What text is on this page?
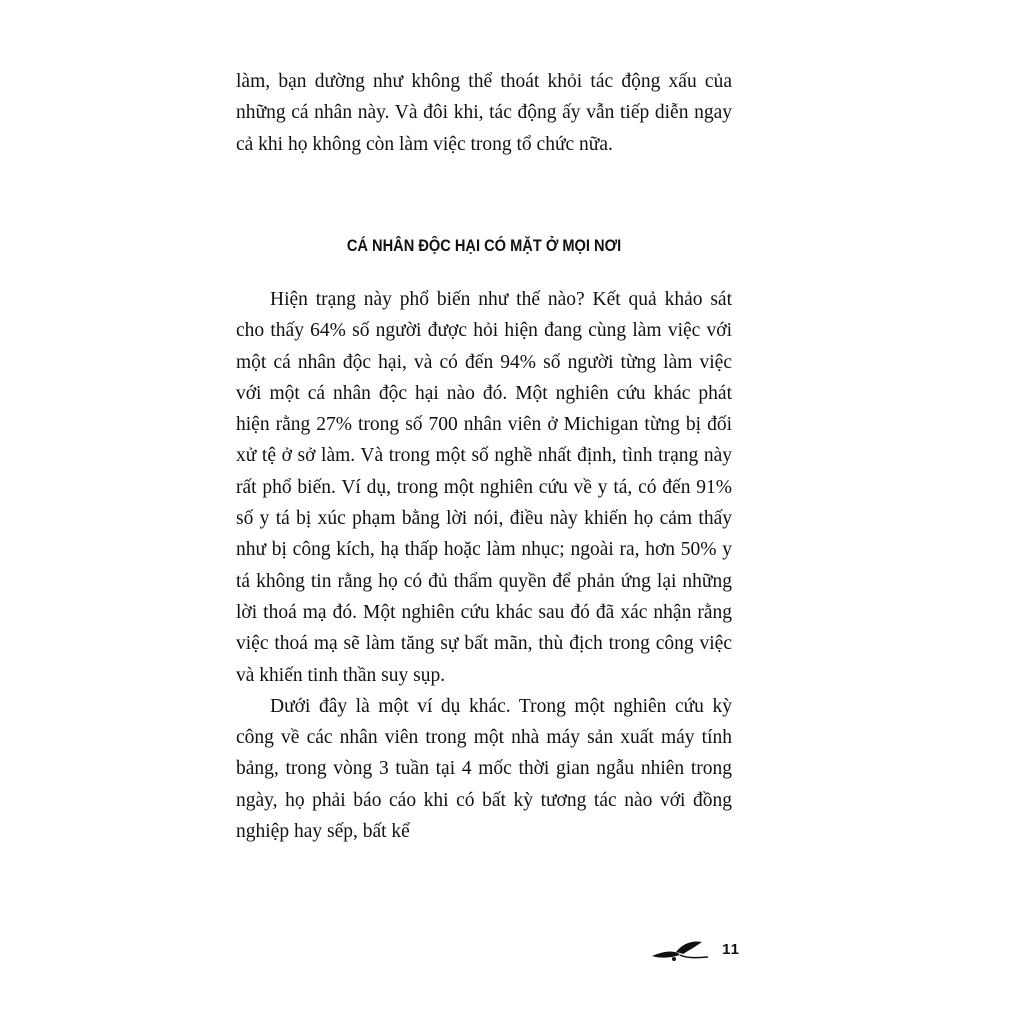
làm, bạn dường như không thể thoát khỏi tác động xấu của những cá nhân này. Và đôi khi, tác động ấy vẫn tiếp diễn ngay cả khi họ không còn làm việc trong tổ chức nữa.

CÁ NHÂN ĐỘC HẠI CÓ MẶT Ở MỌI NƠI

Hiện trạng này phổ biến như thế nào? Kết quả khảo sát cho thấy 64% số người được hỏi hiện đang cùng làm việc với một cá nhân độc hại, và có đến 94% số người từng làm việc với một cá nhân độc hại nào đó. Một nghiên cứu khác phát hiện rằng 27% trong số 700 nhân viên ở Michigan từng bị đối xử tệ ở sở làm. Và trong một số nghề nhất định, tình trạng này rất phổ biến. Ví dụ, trong một nghiên cứu về y tá, có đến 91% số y tá bị xúc phạm bằng lời nói, điều này khiến họ cảm thấy như bị công kích, hạ thấp hoặc làm nhục; ngoài ra, hơn 50% y tá không tin rằng họ có đủ thẩm quyền để phản ứng lại những lời thoá mạ đó. Một nghiên cứu khác sau đó đã xác nhận rằng việc thoá mạ sẽ làm tăng sự bất mãn, thù địch trong công việc và khiến tinh thần suy sụp.

Dưới đây là một ví dụ khác. Trong một nghiên cứu kỳ công về các nhân viên trong một nhà máy sản xuất máy tính bảng, trong vòng 3 tuần tại 4 mốc thời gian ngẫu nhiên trong ngày, họ phải báo cáo khi có bất kỳ tương tác nào với đồng nghiệp hay sếp, bất kể

11
